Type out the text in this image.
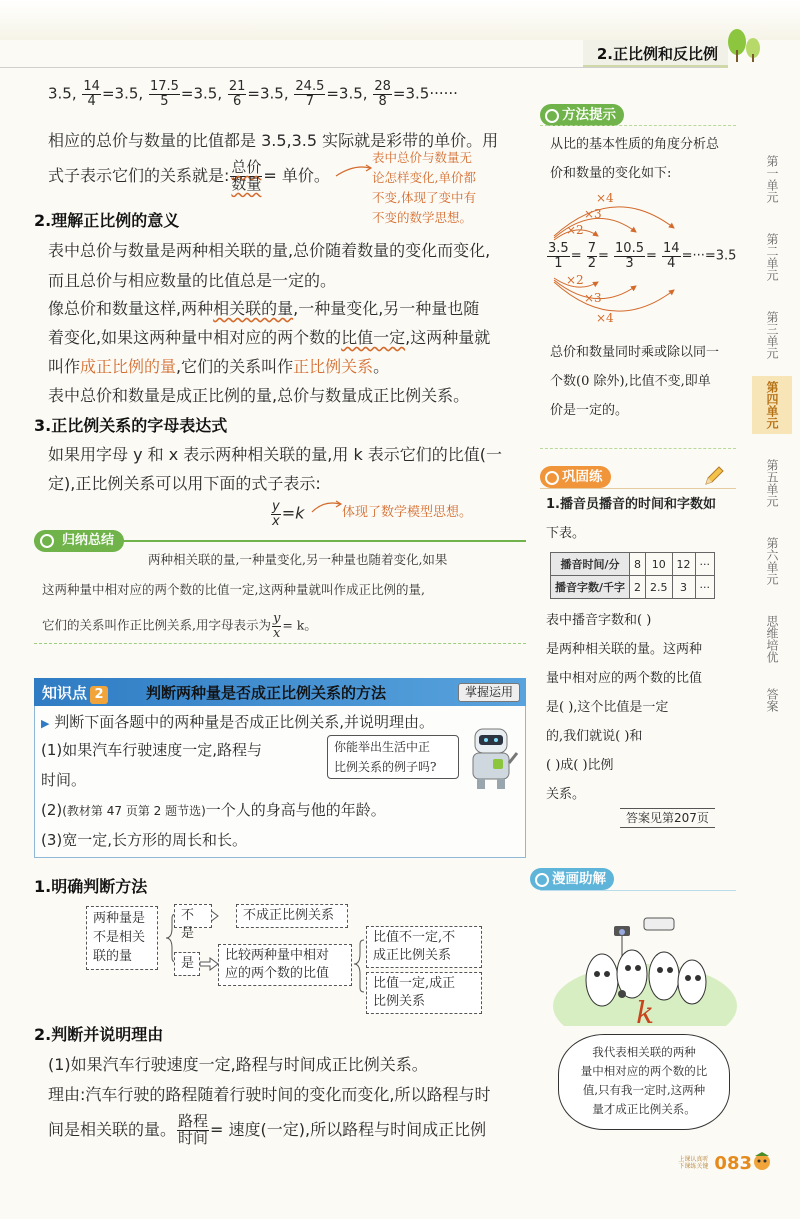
2.正比例和反比例
3.5, $\frac{14}{4} =3.5$, $\frac{17.5}{5} =3.5$, $\frac{21}{6} =3.5$, $\frac{24.5}{7} =3.5$, $\frac{28}{8} =3.5\cdot\cdot\cdot\cdot\cdot\cdot$
相应的总价与数量的比值都是 3.5,3.5 实际就是彩带的单价。用
式子表示它们的关系就是: $\frac{\text{总价}}{\text{数量}}$ = 单价。
表中总价与数量无
论怎样变化,单价都
不变,体现了变中有
不变的数学思想。
2.理解正比例的意义
表中总价与数量是两种相关联的量,总价随着数量的变化而变化,
而且总价与相应数量的比值总是一定的。
像总价和数量这样,两种相关联的量,一种量变化,另一种量也随
着变化,如果这两种量中相对应的两个数的比值一定,这两种量就
叫作成正比例的量,它们的关系叫作正比例关系。
表中总价和数量是成正比例的量,总价与数量成正比例关系。
3.正比例关系的字母表达式
如果用字母 y 和 x 表示两种相关联的量,用 k 表示它们的比值(一
定),正比例关系可以用下面的式子表示:
$\frac{y}{x} =k$	体现了数学模型思想。
归纳总结
两种相关联的量,一种量变化,另一种量也随着变化,如果
这两种量中相对应的两个数的比值一定,这两种量就叫作成正比例的量,
它们的关系叫作正比例关系,用字母表示为 $\frac{y}{x} = k$。
知识点 2	判断两种量是否成正比例关系的方法	掌握运用
▶ 判断下面各题中的两种量是否成正比例关系,并说明理由。
(1)如果汽车行驶速度一定,路程与
时间。
你能举出生活中正
比例关系的例子吗?
(2)(教材第 47 页第 2 题节选)一个人的身高与他的年龄。
(3)宽一定,长方形的周长和长。
1.明确判断方法
两种量是
不是相关
联的量
不是
不成正比例关系
是
比较两种量中相对
应的两个数的比值
比值不一定,不
成正比例关系
比值一定,成正
比例关系
2.判断并说明理由
(1)如果汽车行驶速度一定,路程与时间成正比例关系。
理由:汽车行驶的路程随着行驶时间的变化而变化,所以路程与时
间是相关联的量。 $\frac{\text{路程}}{\text{时间}}$ = 速度(一定),所以路程与时间成正比例
方法提示
从比的基本性质的角度分析总
价和数量的变化如下:
×4
×3
×2
$\frac{3.5}{1} = \frac{7}{2} = \frac{10.5}{3} = \frac{14}{4} =\cdot\cdot\cdot=3.5$
×2
×3
×4
总价和数量同时乘或除以同一
个数(0 除外),比值不变,即单
价是一定的。
巩固练
1.播音员播音的时间和字数如
下表。
播音时间/分	8	10	12	···
播音字数/千字	2	2.5	3	···
表中播音字数和( )
是两种相关联的量。这两种
量中相对应的两个数的比值
是( ),这个比值是一定
的,我们就说( )和
( )成( )比例
关系。
答案见第207页
漫画助解
k
我代表相关联的两种
量中相对应的两个数的比
值,只有我一定时,这两种
量才成正比例关系。
第一单元
第二单元
第三单元
第四单元
第五单元
第六单元
思维培优
答案
上课认真听
下课练关键 083
